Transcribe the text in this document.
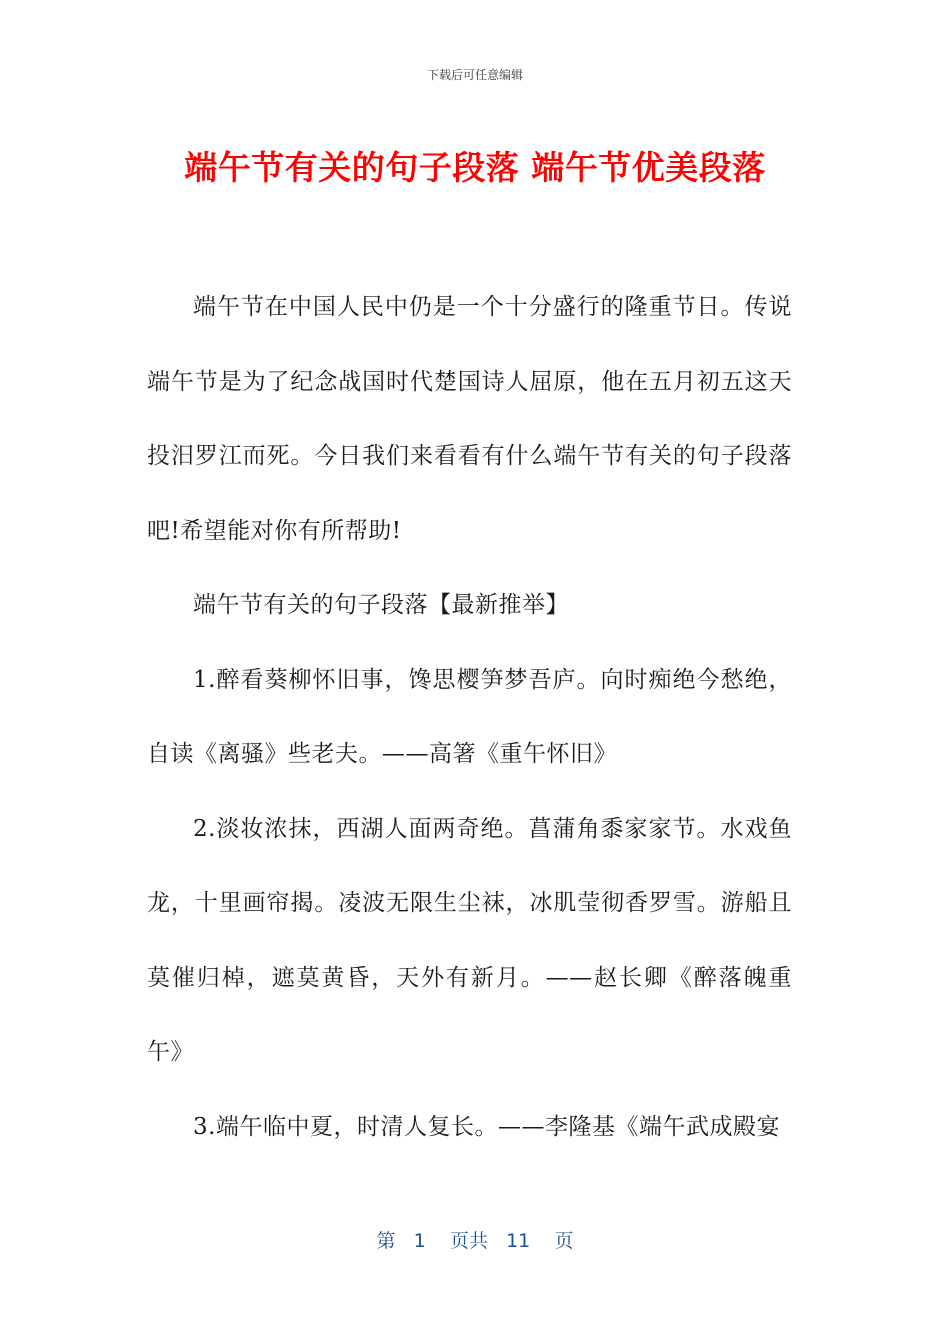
下载后可任意编辑
端午节有关的句子段落 端午节优美段落

端午节在中国人民中仍是一个十分盛行的隆重节日。传说端午节是为了纪念战国时代楚国诗人屈原，他在五月初五这天投汨罗江而死。今日我们来看看有什么端午节有关的句子段落吧!希望能对你有所帮助!

端午节有关的句子段落【最新推举】

1.醉看葵柳怀旧事，馋思樱笋梦吾庐。向时痴绝今愁绝，自读《离骚》些老夫。——高箸《重午怀旧》

2.淡妆浓抹，西湖人面两奇绝。菖蒲角黍家家节。水戏鱼龙，十里画帘揭。凌波无限生尘袜，冰肌莹彻香罗雪。游船且莫催归棹，遮莫黄昏，天外有新月。——赵长卿《醉落魄重午》

3.端午临中夏，时清人复长。——李隆基《端午武成殿宴

第 1 页共 11 页
